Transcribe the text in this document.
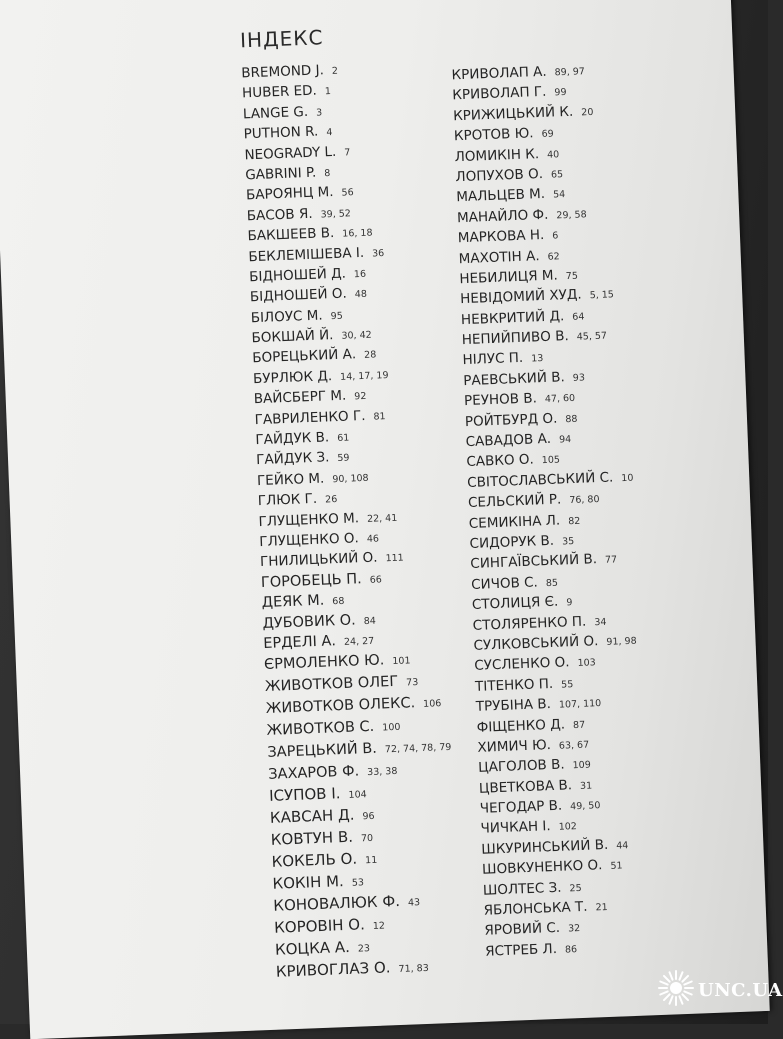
ІНДЕКС
BREMOND J. 2
HUBER ED. 1
LANGE G. 3
PUTHON R. 4
NEOGRADY L. 7
GABRINI P. 8
БАРОЯНЦ М. 56
БАСОВ Я. 39, 52
БАКШЕЕВ В. 16, 18
БЕКЛЕМІШЕВА І. 36
БІДНОШЕЙ Д. 16
БІДНОШЕЙ О. 48
БІЛОУС М. 95
БОКШАЙ Й. 30, 42
БОРЕЦЬКИЙ А. 28
БУРЛЮК Д. 14, 17, 19
ВАЙСБЕРГ М. 92
ГАВРИЛЕНКО Г. 81
ГАЙДУК В. 61
ГАЙДУК З. 59
ГЕЙКО М. 90, 108
ГЛЮК Г. 26
ГЛУЩЕНКО М. 22, 41
ГЛУЩЕНКО О. 46
ГНИЛИЦЬКИЙ О. 111
ГОРОБЕЦЬ П. 66
ДЕЯК М. 68
ДУБОВИК О. 84
ЕРДЕЛІ А. 24, 27
ЄРМОЛЕНКО Ю. 101
ЖИВОТКОВ ОЛЕГ 73
ЖИВОТКОВ ОЛЕКС. 106
ЖИВОТКОВ С. 100
ЗАРЕЦЬКИЙ В. 72, 74, 78, 79
ЗАХАРОВ Ф. 33, 38
ІСУПОВ І. 104
КАВСАН Д. 96
КОВТУН В. 70
КОКЕЛЬ О. 11
КОКІН М. 53
КОНОВАЛЮК Ф. 43
КОРОВІН О. 12
КОЦКА А. 23
КРИВОГЛАЗ О. 71, 83
КРИВОЛАП А. 89, 97
КРИВОЛАП Г. 99
КРИЖИЦЬКИЙ К. 20
КРОТОВ Ю. 69
ЛОМИКІН К. 40
ЛОПУХОВ О. 65
МАЛЬЦЕВ М. 54
МАНАЙЛО Ф. 29, 58
МАРКОВА Н. 6
МАХОТІН А. 62
НЕБИЛИЦЯ М. 75
НЕВІДОМИЙ ХУД. 5, 15
НЕВКРИТИЙ Д. 64
НЕПИЙПИВО В. 45, 57
НІЛУС П. 13
РАЕВСЬКИЙ В. 93
РЕУНОВ В. 47, 60
РОЙТБУРД О. 88
САВАДОВ А. 94
САВКО О. 105
СВІТОСЛАВСЬКИЙ С. 10
СЕЛЬСКИЙ Р. 76, 80
СЕМИКІНА Л. 82
СИДОРУК В. 35
СИНГАЇВСЬКИЙ В. 77
СИЧОВ С. 85
СТОЛИЦЯ Є. 9
СТОЛЯРЕНКО П. 34
СУЛКОВСЬКИЙ О. 91, 98
СУСЛЕНКО О. 103
ТІТЕНКО П. 55
ТРУБІНА В. 107, 110
ФІЩЕНКО Д. 87
ХИМИЧ Ю. 63, 67
ЦАГОЛОВ В. 109
ЦВЕТКОВА В. 31
ЧЕГОДАР В. 49, 50
ЧИЧКАН І. 102
ШКУРИНСЬКИЙ В. 44
ШОВКУНЕНКО О. 51
ШОЛТЕС З. 25
ЯБЛОНСЬКА Т. 21
ЯРОВИЙ С. 32
ЯСТРЕБ Л. 86
UNC.UA
